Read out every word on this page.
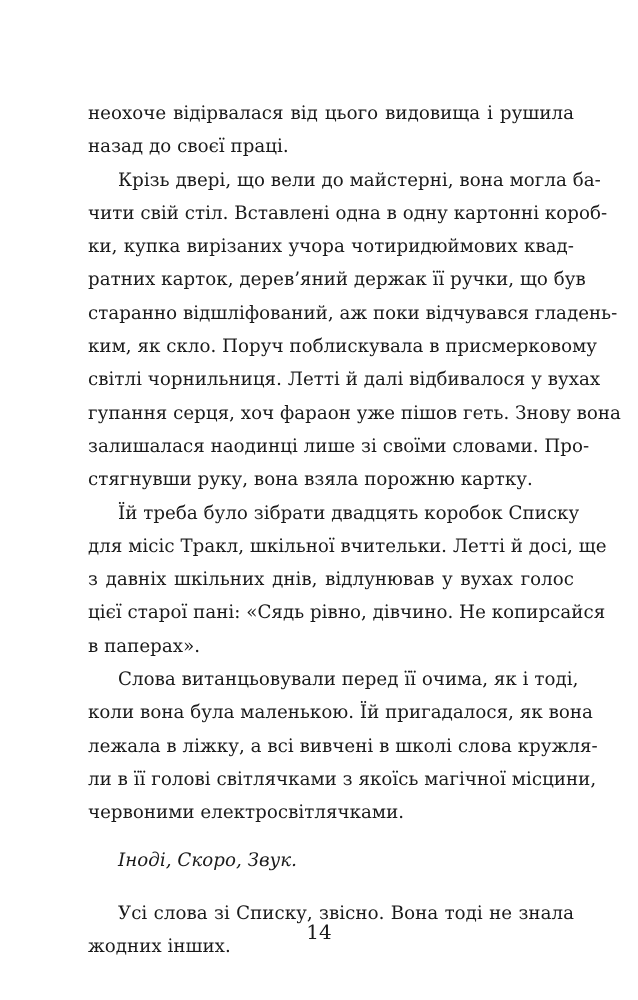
неохоче відірвалася від цього видовища і рушила
назад до своєї праці.
Крізь двері, що вели до майстерні, вона могла ба-
чити свій стіл. Вставлені одна в одну картонні короб-
ки, купка вирізаних учора чотиридюймових квад-
ратних карток, дерев’яний держак її ручки, що був
старанно відшліфований, аж поки відчувався гладень-
ким, як скло. Поруч поблискувала в присмерковому
світлі чорнильниця. Летті й далі відбивалося у вухах
гупання серця, хоч фараон уже пішов геть. Знову вона
залишалася наодинці лише зі своїми словами. Про-
стягнувши руку, вона взяла порожню картку.
Їй треба було зібрати двадцять коробок Списку
для місіс Тракл, шкільної вчительки. Летті й досі, ще
з давніх шкільних днів, відлунював у вухах голос
цієї старої пані: «Сядь рівно, дівчино. Не копирсайся
в паперах».
Слова витанцьовували перед її очима, як і тоді,
коли вона була маленькою. Їй пригадалося, як вона
лежала в ліжку, а всі вивчені в школі слова кружля-
ли в її голові світлячками з якоїсь магічної місцини,
червоними електросвітлячками.
Іноді, Скоро, Звук.
Усі слова зі Списку, звісно. Вона тоді не знала
жодних інших.
14
